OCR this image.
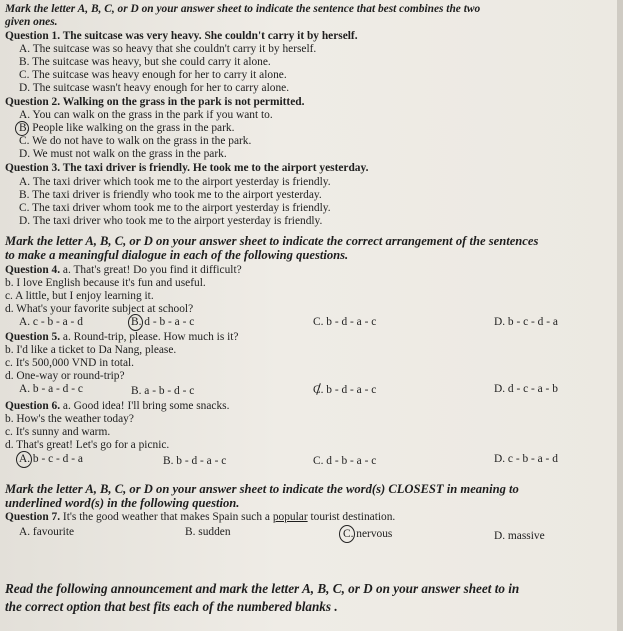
Mark the letter A, B, C, or D on your answer sheet to indicate the sentence that best combines the two
given ones.
Question 1. The suitcase was very heavy. She couldn't carry it by herself.
A. The suitcase was so heavy that she couldn't carry it by herself.
B. The suitcase was heavy, but she could carry it alone.
C. The suitcase was heavy enough for her to carry it alone.
D. The suitcase wasn't heavy enough for her to carry alone.
Question 2. Walking on the grass in the park is not permitted.
A. You can walk on the grass in the park if you want to.
B. People like walking on the grass in the park.
C. We do not have to walk on the grass in the park.
D. We must not walk on the grass in the park.
Question 3. The taxi driver is friendly. He took me to the airport yesterday.
A. The taxi driver which took me to the airport yesterday is friendly.
B. The taxi driver is friendly who took me to the airport yesterday.
C. The taxi driver whom took me to the airport yesterday is friendly.
D. The taxi driver who took me to the airport yesterday is friendly.
Mark the letter A, B, C, or D on your answer sheet to indicate the correct arrangement of the sentences
to make a meaningful dialogue in each of the following questions.
Question 4. a. That's great! Do you find it difficult?
b. I love English because it's fun and useful.
c. A little, but I enjoy learning it.
d. What's your favorite subject at school?
A. c - b - a - d	B. d - b - a - c	C. b - d - a - c	D. b - c - d - a
Question 5. a. Round-trip, please. How much is it?
b. I'd like a ticket to Da Nang, please.
c. It's 500,000 VND in total.
d. One-way or round-trip?
A. b - a - d - c	B. a - b - d - c	C. b - d - a - c	D. d - c - a - b
Question 6. a. Good idea! I'll bring some snacks.
b. How's the weather today?
c. It's sunny and warm.
d. That's great! Let's go for a picnic.
A. b - c - d - a	B. b - d - a - c	C. d - b - a - c	D. c - b - a - d
Mark the letter A, B, C, or D on your answer sheet to indicate the word(s) CLOSEST in meaning to
underlined word(s) in the following question.
Question 7. It's the good weather that makes Spain such a popular tourist destination.
A. favourite	B. sudden	C. nervous	D. massive
Read the following announcement and mark the letter A, B, C, or D on your answer sheet to in
the correct option that best fits each of the numbered blanks .
